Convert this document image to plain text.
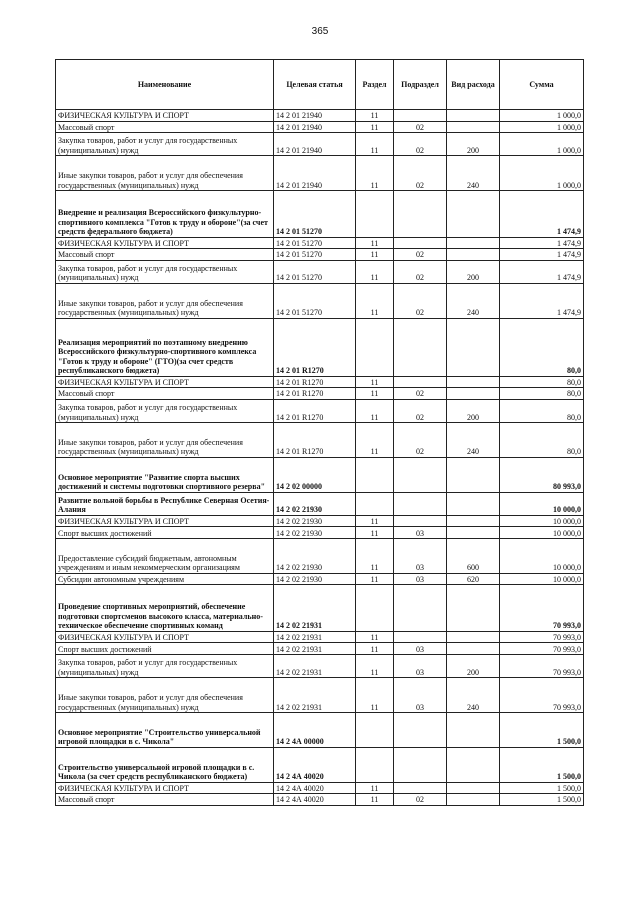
365
Наименование	Целевая статья	Раздел	Подраздел	Вид расхода	Сумма
ФИЗИЧЕСКАЯ КУЛЬТУРА И СПОРТ	14 2 01 21940	11			1 000,0
Массовый спорт	14 2 01 21940	11	02		1 000,0
Закупка товаров, работ и услуг для государственных (муниципальных) нужд	14 2 01 21940	11	02	200	1 000,0
Иные закупки товаров, работ и услуг для обеспечения государственных (муниципальных) нужд	14 2 01 21940	11	02	240	1 000,0
Внедрение и реализация Всероссийского физкультурно-спортивного комплекса "Готов к труду и обороне"(за счет средств федерального бюджета)	14 2 01 51270				1 474,9
ФИЗИЧЕСКАЯ КУЛЬТУРА И СПОРТ	14 2 01 51270	11			1 474,9
Массовый спорт	14 2 01 51270	11	02		1 474,9
Закупка товаров, работ и услуг для государственных (муниципальных) нужд	14 2 01 51270	11	02	200	1 474,9
Иные закупки товаров, работ и услуг для обеспечения государственных (муниципальных) нужд	14 2 01 51270	11	02	240	1 474,9
Реализация мероприятий по поэтапному внедрению Всероссийского физкультурно-спортивного комплекса "Готов к труду и обороне" (ГТО)(за счет средств республиканского бюджета)	14 2 01 R1270				80,0
ФИЗИЧЕСКАЯ КУЛЬТУРА И СПОРТ	14 2 01 R1270	11			80,0
Массовый спорт	14 2 01 R1270	11	02		80,0
Закупка товаров, работ и услуг для государственных (муниципальных) нужд	14 2 01 R1270	11	02	200	80,0
Иные закупки товаров, работ и услуг для обеспечения государственных (муниципальных) нужд	14 2 01 R1270	11	02	240	80,0
Основное мероприятие "Развитие спорта высших достижений и системы подготовки спортивного резерва"	14 2 02 00000				80 993,0
Развитие вольной борьбы в Республике Северная Осетия-Алания	14 2 02 21930				10 000,0
ФИЗИЧЕСКАЯ КУЛЬТУРА И СПОРТ	14 2 02 21930	11			10 000,0
Спорт высших достижений	14 2 02 21930	11	03		10 000,0
Предоставление субсидий бюджетным, автономным учреждениям и иным некоммерческим организациям	14 2 02 21930	11	03	600	10 000,0
Субсидии автономным учреждениям	14 2 02 21930	11	03	620	10 000,0
Проведение спортивных мероприятий, обеспечение подготовки спортсменов высокого класса, материально-техническое обеспечение спортивных команд	14 2 02 21931				70 993,0
ФИЗИЧЕСКАЯ КУЛЬТУРА И СПОРТ	14 2 02 21931	11			70 993,0
Спорт высших достижений	14 2 02 21931	11	03		70 993,0
Закупка товаров, работ и услуг для государственных (муниципальных) нужд	14 2 02 21931	11	03	200	70 993,0
Иные закупки товаров, работ и услуг для обеспечения государственных (муниципальных) нужд	14 2 02 21931	11	03	240	70 993,0
Основное мероприятие "Строительство универсальной игровой площадки в с. Чикола"	14 2 4А 00000				1 500,0
Строительство универсальной игровой площадки в с. Чикола (за счет средств республиканского бюджета)	14 2 4А 40020				1 500,0
ФИЗИЧЕСКАЯ КУЛЬТУРА И СПОРТ	14 2 4А 40020	11			1 500,0
Массовый спорт	14 2 4А 40020	11	02		1 500,0
